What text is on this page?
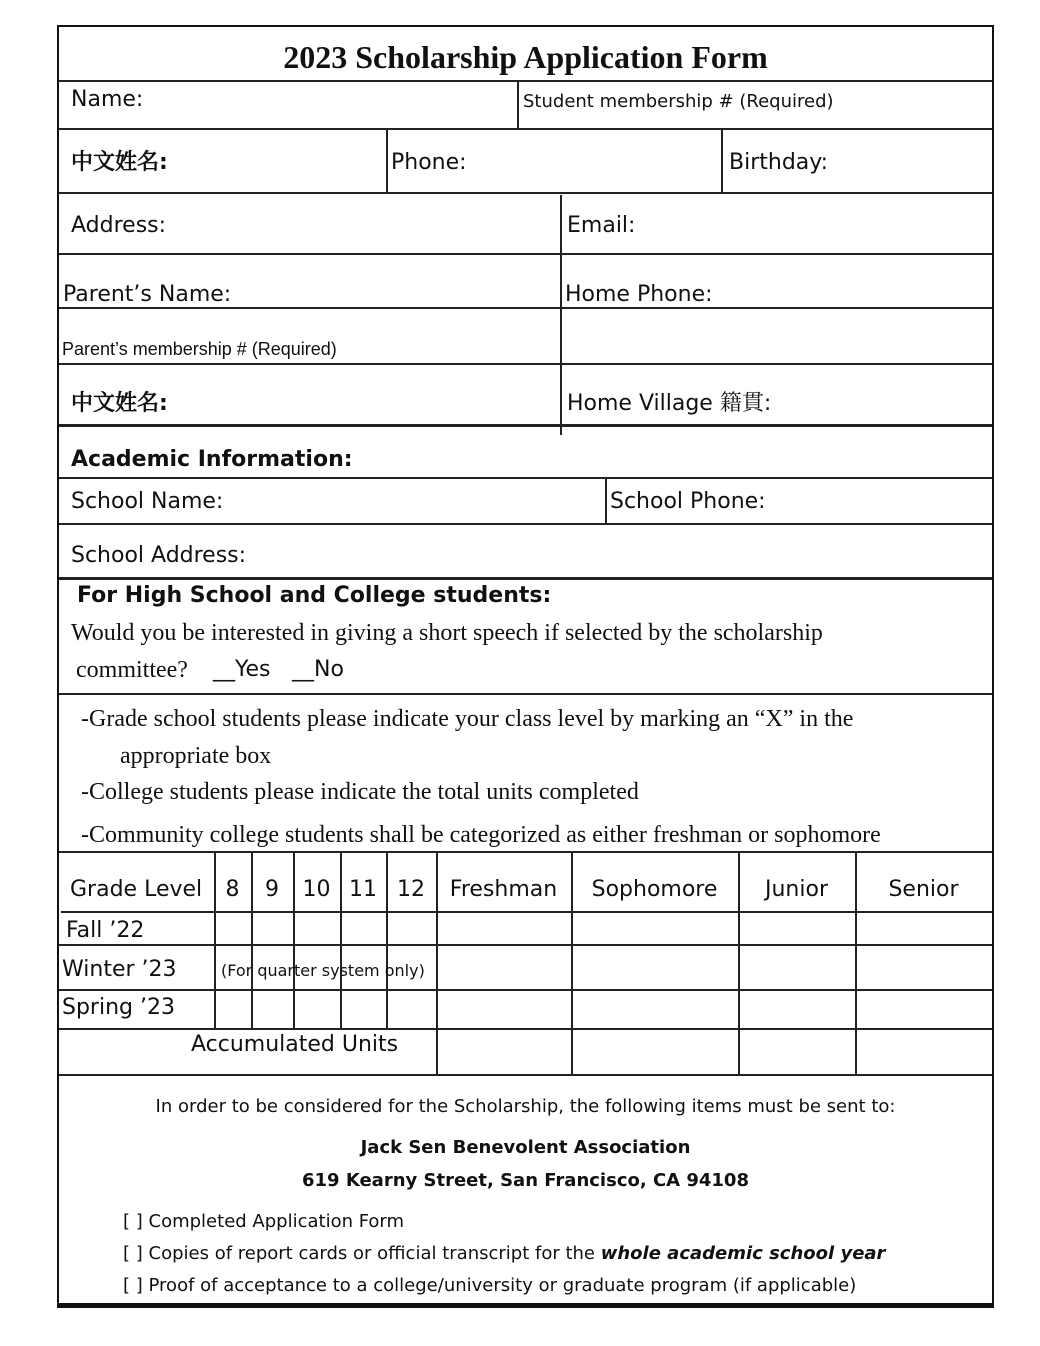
2023 Scholarship Application Form
Name:	Student membership # (Required)
中文姓名:	Phone:	Birthday:
Address:	Email:
Parent’s Name:	Home Phone:
Parent’s membership # (Required)
中文姓名:	Home Village 籍貫:
Academic Information:
School Name:	School Phone:
School Address:
For High School and College students:
Would you be interested in giving a short speech if selected by the scholarship
committee? __Yes __No
-Grade school students please indicate your class level by marking an “X” in the
appropriate box
-College students please indicate the total units completed
-Community college students shall be categorized as either freshman or sophomore
Grade Level	8	9	10 11 12	Freshman	Sophomore	Junior	Senior
Fall ’22
Winter ’23	(For quarter system only)
Spring ’23
Accumulated Units
In order to be considered for the Scholarship, the following items must be sent to:
Jack Sen Benevolent Association
619 Kearny Street, San Francisco, CA 94108
[ ] Completed Application Form
[ ] Copies of report cards or official transcript for the whole academic school year
[ ] Proof of acceptance to a college/university or graduate program (if applicable)
